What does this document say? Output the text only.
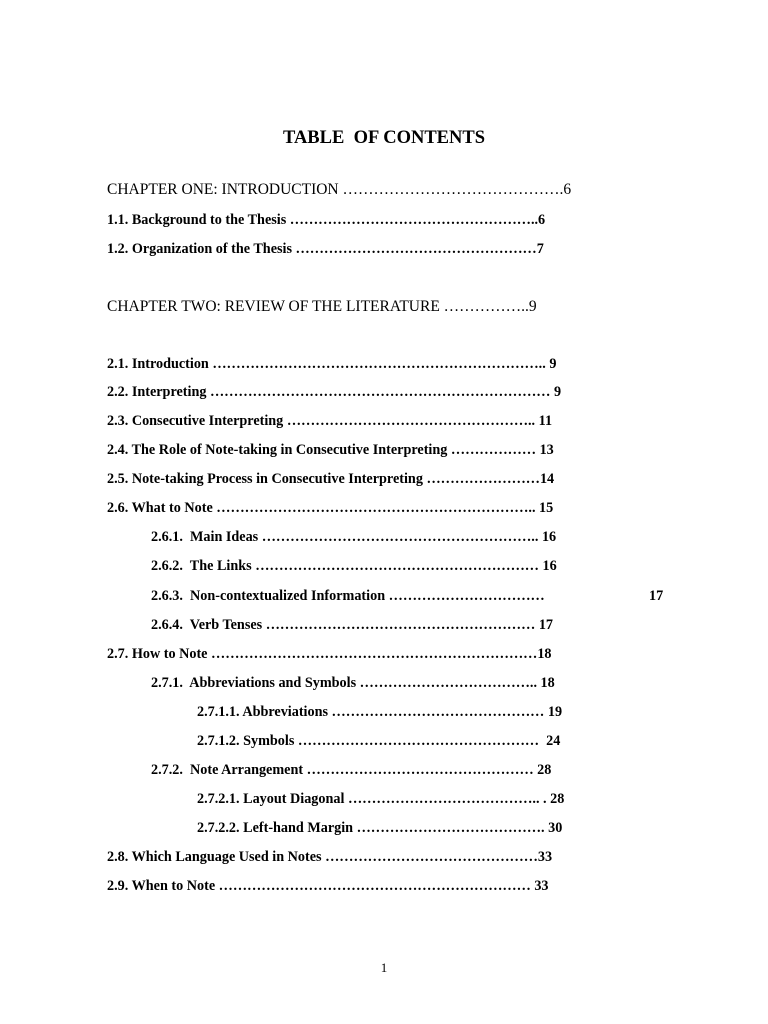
TABLE  OF CONTENTS
CHAPTER ONE: INTRODUCTION …………………………………….6
1.1. Background to the Thesis ……………………………………………..6
1.2. Organization of the Thesis ……………………………………………7
CHAPTER TWO: REVIEW OF THE LITERATURE ……………..9
2.1. Introduction …………………………………………………………….. 9
2.2. Interpreting ……………………………………………………………… 9
2.3. Consecutive Interpreting …………………………………………….. 11
2.4. The Role of Note-taking in Consecutive Interpreting ……………… 13
2.5. Note-taking Process in Consecutive Interpreting ……………………14
2.6. What to Note ………………………………………………………….. 15
2.6.1.  Main Ideas ………………………………………………….. 16
2.6.2.  The Links …………………………………………………… 16
2.6.3.  Non-contextualized Information ……………………………	17
2.6.4.  Verb Tenses ………………………………………………… 17
2.7. How to Note ……………………………………………………………18
2.7.1.  Abbreviations and Symbols ……………………………….. 18
2.7.1.1. Abbreviations ……………………………………… 19
2.7.1.2. Symbols ……………………………………………  24
2.7.2.  Note Arrangement ………………………………………… 28
2.7.2.1. Layout Diagonal ………………………………….. . 28
2.7.2.2. Left-hand Margin …………………………………. 30
2.8. Which Language Used in Notes ………………………………………33
2.9. When to Note ………………………………………………………… 33
1
